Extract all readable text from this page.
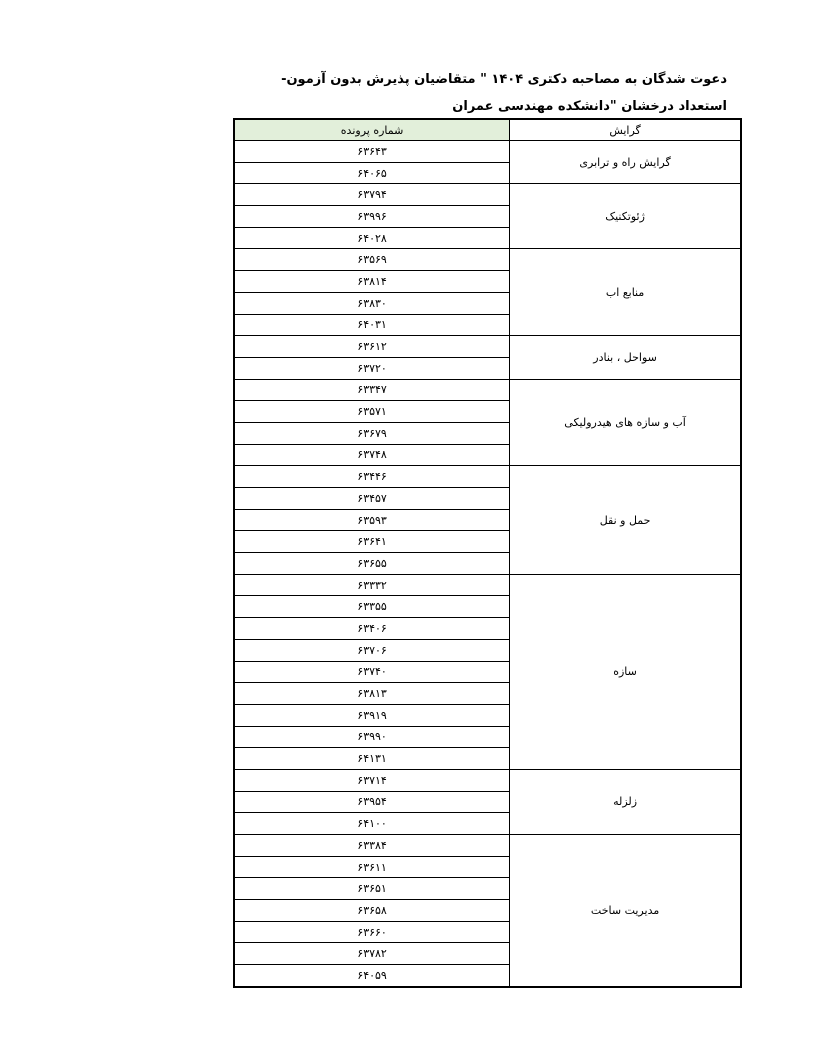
دعوت شدگان به مصاحبه دکتری ۱۴۰۴ " متقاضیان پذیرش بدون آزمون- استعداد درخشان "دانشکده مهندسی عمران
گرایش	شماره پرونده
گرایش راه و ترابری	۶۳۶۴۳
	۶۴۰۶۵
ژئوتکنیک	۶۳۷۹۴
	۶۳۹۹۶
	۶۴۰۲۸
منابع اب	۶۳۵۶۹
	۶۳۸۱۴
	۶۳۸۳۰
	۶۴۰۳۱
سواحل ، بنادر	۶۳۶۱۲
	۶۳۷۲۰
آب و سازه های هیدرولیکی	۶۳۳۴۷
	۶۳۵۷۱
	۶۳۶۷۹
	۶۳۷۴۸
حمل و نقل	۶۳۴۴۶
	۶۳۴۵۷
	۶۳۵۹۳
	۶۳۶۴۱
	۶۳۶۵۵
سازه	۶۳۳۳۲
	۶۳۳۵۵
	۶۳۴۰۶
	۶۳۷۰۶
	۶۳۷۴۰
	۶۳۸۱۳
	۶۳۹۱۹
	۶۳۹۹۰
	۶۴۱۳۱
زلزله	۶۳۷۱۴
	۶۳۹۵۴
	۶۴۱۰۰
مدیریت ساخت	۶۳۳۸۴
	۶۳۶۱۱
	۶۳۶۵۱
	۶۳۶۵۸
	۶۳۶۶۰
	۶۳۷۸۲
	۶۴۰۵۹
